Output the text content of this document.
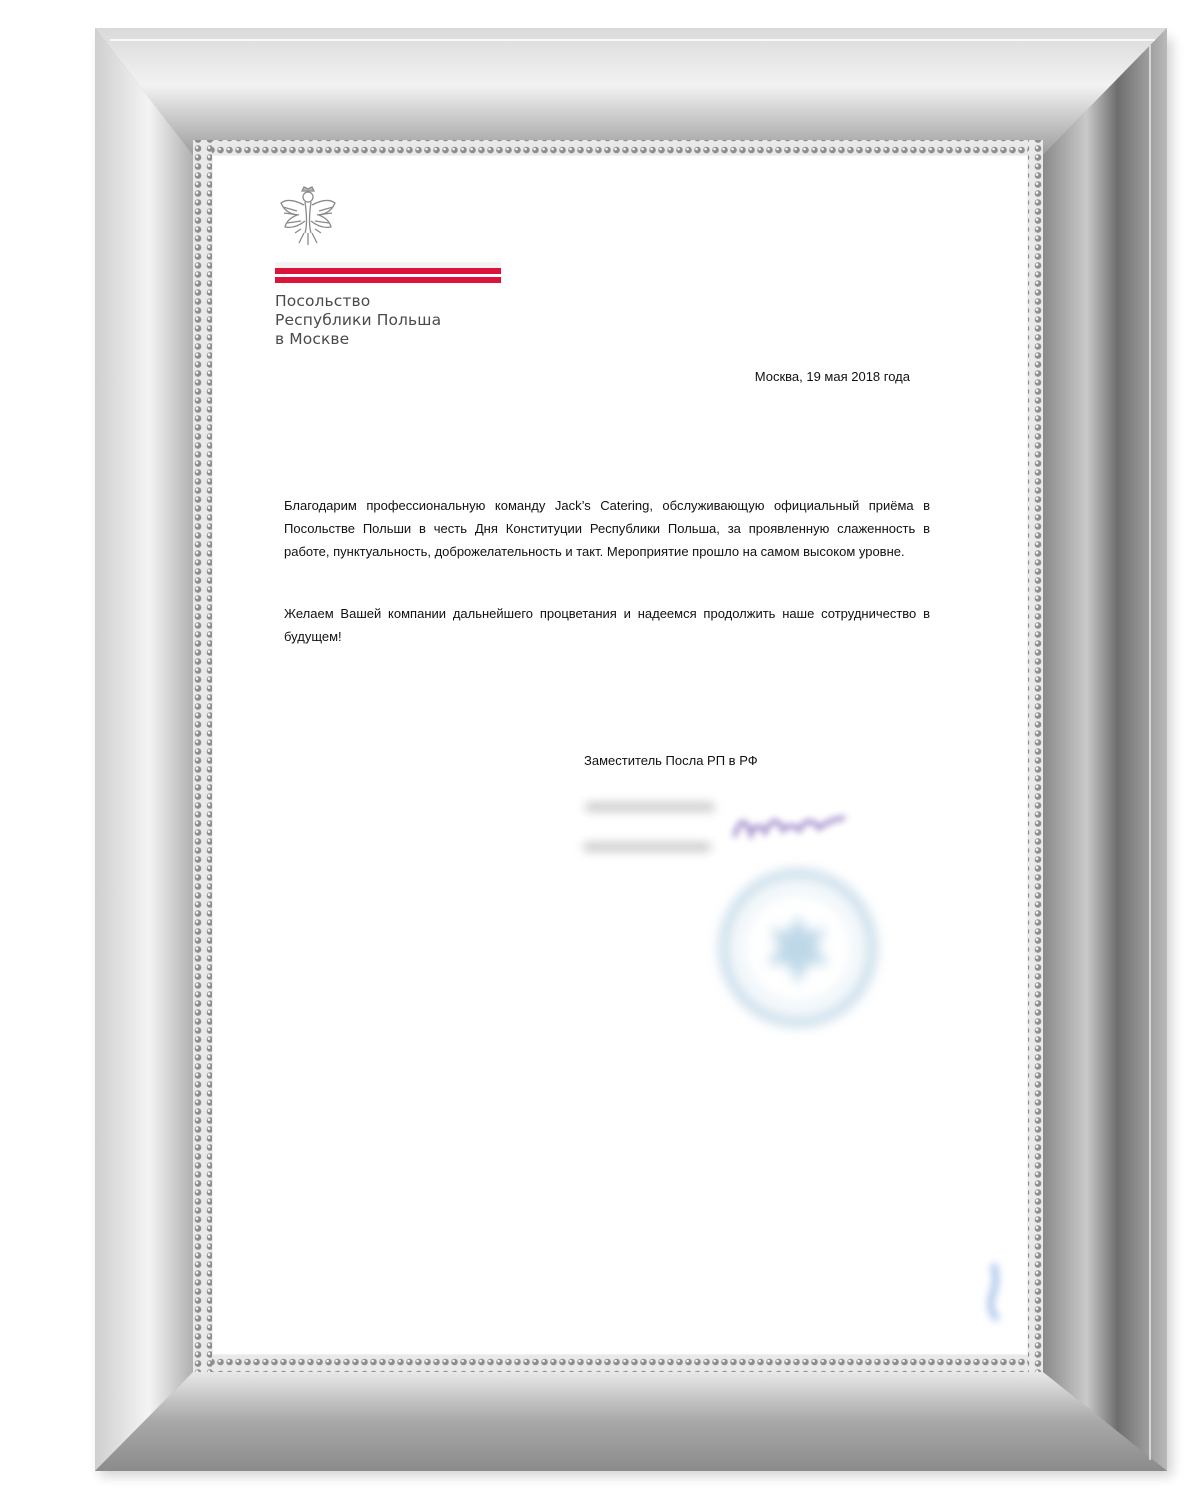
Посольство
Республики Польша
в Москве
Москва, 19 мая 2018 года
Благодарим профессиональную команду Jack’s Catering, обслуживающую официальный приёма в Посольстве Польши в честь Дня Конституции Республики Польша, за проявленную слаженность в работе, пунктуальность, доброжелательность и такт. Мероприятие прошло на самом высоком уровне.
Желаем Вашей компании дальнейшего процветания и надеемся продолжить наше сотрудничество в будущем!
Заместитель Посла РП в РФ
